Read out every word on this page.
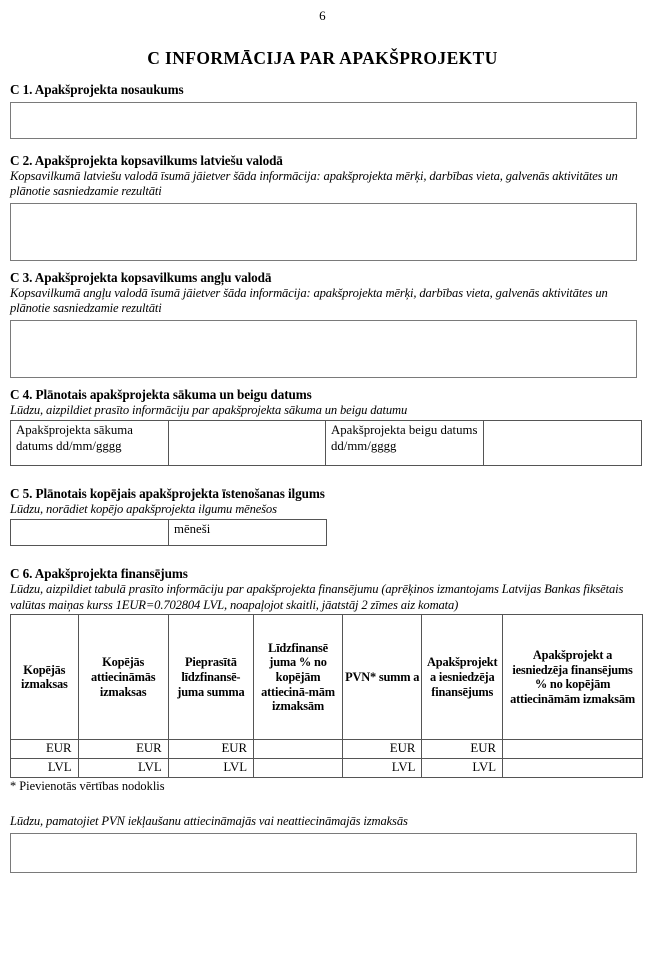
6
C INFORMĀCIJA PAR APAKŠPROJEKTU
C 1. Apakšprojekta nosaukums
C 2. Apakšprojekta kopsavilkums latviešu valodā
Kopsavilkumā latviešu valodā īsumā jāietver šāda informācija: apakšprojekta mērķi, darbības vieta, galvenās aktivitātes un plānotie sasniedzamie rezultāti
C 3. Apakšprojekta kopsavilkums angļu valodā
Kopsavilkumā angļu valodā īsumā jāietver šāda informācija: apakšprojekta mērķi, darbības vieta, galvenās aktivitātes un plānotie sasniedzamie rezultāti
C 4. Plānotais apakšprojekta sākuma un beigu datums
Lūdzu, aizpildiet prasīto informāciju par apakšprojekta sākuma un beigu datumu
Apakšprojekta sākuma datums dd/mm/gggg		Apakšprojekta beigu datums dd/mm/gggg	
C 5. Plānotais kopējais apakšprojekta īstenošanas ilgums
Lūdzu, norādiet kopējo apakšprojekta ilgumu mēnešos
	mēneši
C 6. Apakšprojekta finansējums
Lūdzu, aizpildiet tabulā prasīto informāciju par apakšprojekta finansējumu (aprēķinos izmantojams Latvijas Bankas fiksētais valūtas maiņas kurss 1EUR=0.702804 LVL, noapaļojot skaitli, jāatstāj 2 zīmes aiz komata)
Kopējās izmaksas	Kopējās attiecināmās izmaksas	Pieprasītā līdzfinansē-juma summa	Līdzfinansē juma % no kopējām attiecinā-mām izmaksām	PVN* summ a	Apakšprojekt a iesniedzēja finansējums	Apakšprojekt a iesniedzēja finansējums % no kopējām attiecināmām izmaksām
EUR	EUR	EUR		EUR	EUR	
LVL	LVL	LVL		LVL	LVL	
* Pievienotās vērtības nodoklis
Lūdzu, pamatojiet PVN iekļaušanu attiecināmajās vai neattiecināmajās izmaksās
